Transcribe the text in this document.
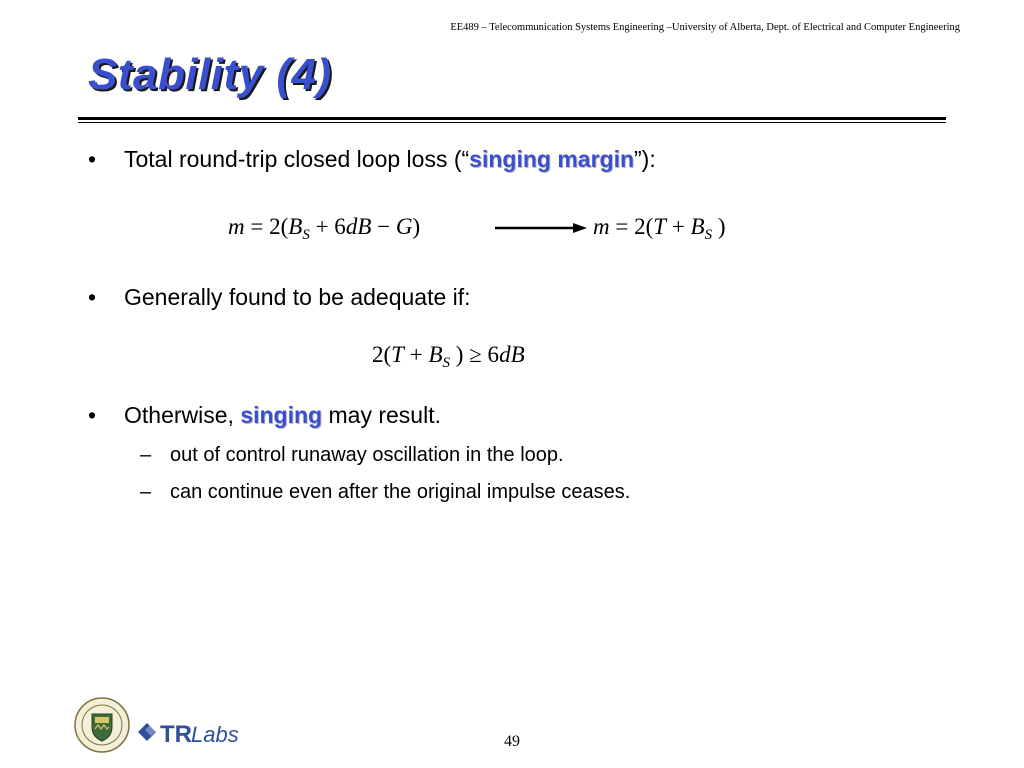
EE489 – Telecommunication Systems Engineering –University of Alberta, Dept. of Electrical and Computer Engineering
Stability (4)
• Total round-trip closed loop loss (“singing margin”):
$m = 2(B_S + 6dB - G)$	$m = 2(T + B_S$ )
• Generally found to be adequate if:
$2(T + B_S$ ) ≥ 6dB
• Otherwise, singing may result.
– out of control runaway oscillation in the loop.
– can continue even after the original impulse ceases.
TR Labs	49
